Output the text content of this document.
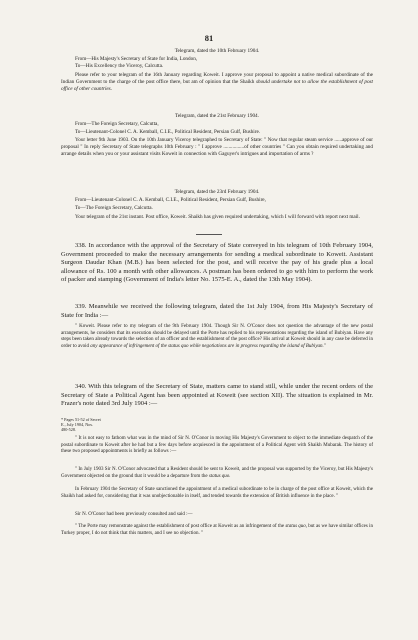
81
Telegram, dated the 10th February 1904.
From—His Majesty's Secretary of State for India, London,
To—His Excellency the Viceroy, Calcutta.
Please refer to your telegram of the 16th January regarding Koweit. I approve your proposal to appoint a native medical subordinate of the Indian Government to the charge of the post office there, but am of opinion that the Shaikh should undertake not to allow the establishment of post office of other countries.
Telegram, dated the 21st February 1904.
From—The Foreign Secretary, Calcutta,
To—Lieutenant-Colonel C. A. Kemball, C.I.E., Political Resident, Persian Gulf, Bushire.
Your letter 9th June 1903. On the 10th January Viceroy telegraphed to Secretary of State: " Now that regular steam service ......approve of our proposal " In reply Secretary of State telegraphs 10th February : " I approve ................of other countries " Can you obtain required undertaking and arrange details when you or your assistant visits Koweit in connection with Gaguyer's intrigues and importation of arms ?
Telegram, dated the 23rd February 1904.
From—Lieutenant-Colonel C. A. Kemball, C.I.E., Political Resident, Persian Gulf, Bushire,
To—The Foreign Secretary, Calcutta.
Your telegram of the 21st instant. Post office, Koweit. Shaikh has given required undertaking, which I will forward with report next mail.
338. In accordance with the approval of the Secretary of State conveyed in his telegram of 10th February 1904, Government proceeded to make the necessary arrangements for sending a medical subordinate to Koweit. Assistant Surgeon Daudar Khan (M.B.) has been selected for the post, and will receive the pay of his grade plus a local allowance of Rs. 100 a month with other allowances. A postman has been ordered to go with him to perform the work of packer and stamping (Government of India's letter No. 1575-E. A., dated the 13th May 1904).
339. Meanwhile we received the following telegram, dated the 1st July 1904, from His Majesty's Secretary of State for India :—
" Koweit. Please refer to my telegram of the 9th February 1904. Though Sir N. O'Conor does not question the advantage of the new postal arrangements, he considers that its execution should be delayed until the Porte has replied to his representations regarding the island of Bubiyan. Have any steps been taken already towards the selection of an officer and the establishment of the post office? His arrival at Koweit should in any case be deferred in order to avoid any appearance of infringement of the status quo while negotiations are in progress regarding the island of Bubiyan."
340. With this telegram of the Secretary of State, matters came to stand still, while under the recent orders of the Secretary of State a Political Agent has been appointed at Koweit (see section XII). The situation is explained in Mr. Frazer's note dated 3rd July 1904 :—
* Pages 51-52 of Secret E., July 1904, Nos. 480-528.
" It is not easy to fathom what was in the mind of Sir N. O'Conor in moving His Majesty's Government to object to the immediate despatch of the postal subordinate to Koweit after he had but a few days before acquiesced in the appointment of a Political Agent with Shaikh Mubarak. The history of these two proposed appointments is briefly as follows :—
" In July 1903 Sir N. O'Conor advocated that a Resident should be sent to Koweit, and the proposal was supported by the Viceroy, but His Majesty's Government objected on the ground that it would be a departure from the status quo.
In February 1904 the Secretary of State sanctioned the appointment of a medical subordinate to be in charge of the post office at Koweit, which the Shaikh had asked for, considering that it was unobjectionable in itself, and tended towards the extension of British influence in the place. "
Sir N. O'Conor had been previously consulted and said :—
" The Porte may remonstrate against the establishment of post office at Koweit as an infringement of the status quo, but as we have similar offices in Turkey proper, I do not think that this matters, and I see no objection. "
